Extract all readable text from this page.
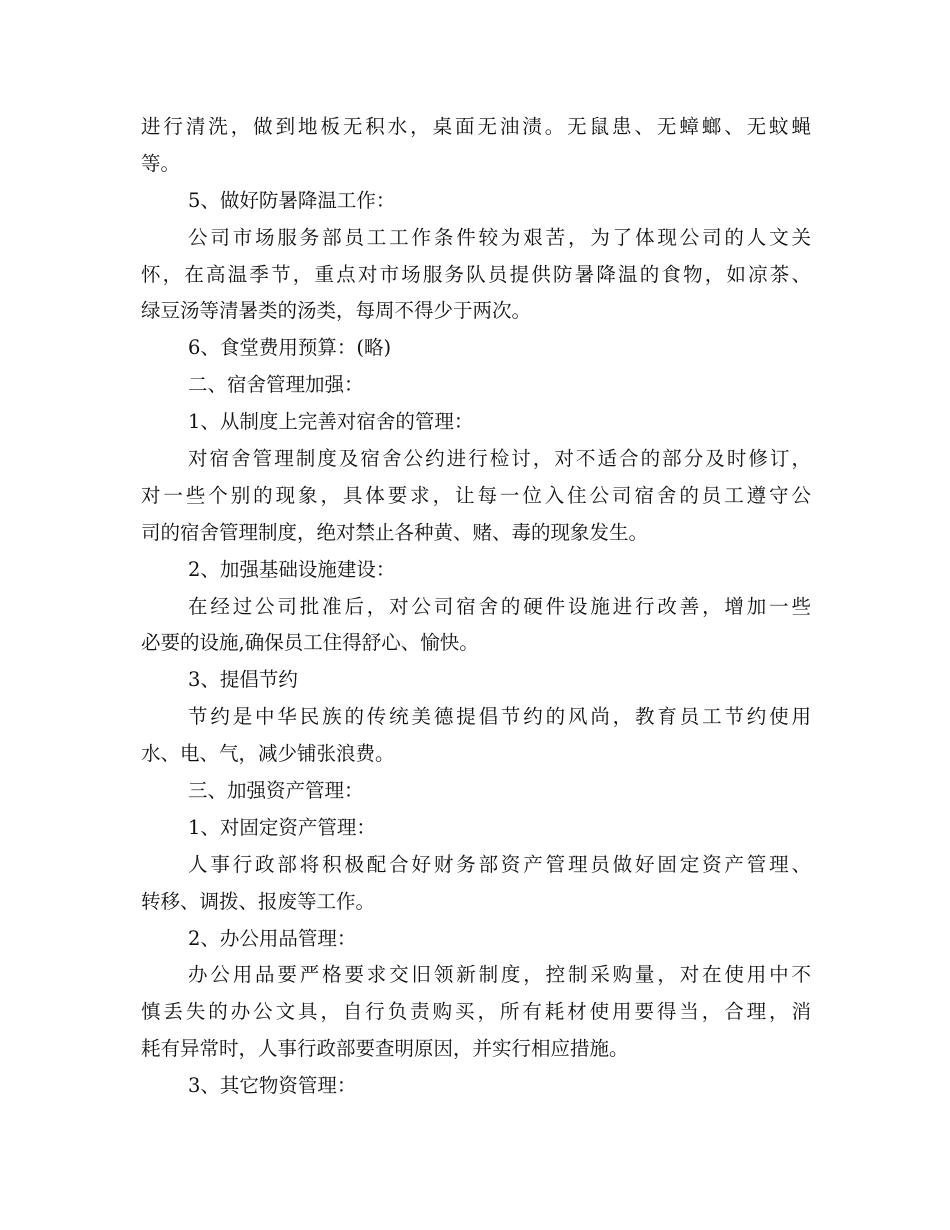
进行清洗，做到地板无积水，桌面无油渍。无鼠患、无蟑螂、无蚊蝇
等。
5、做好防暑降温工作：
公司市场服务部员工工作条件较为艰苦，为了体现公司的人文关
怀，在高温季节，重点对市场服务队员提供防暑降温的食物，如凉茶、
绿豆汤等清暑类的汤类，每周不得少于两次。
6、食堂费用预算：(略)
二、宿舍管理加强：
1、从制度上完善对宿舍的管理：
对宿舍管理制度及宿舍公约进行检讨，对不适合的部分及时修订，
对一些个别的现象，具体要求，让每一位入住公司宿舍的员工遵守公
司的宿舍管理制度，绝对禁止各种黄、赌、毒的现象发生。
2、加强基础设施建设：
在经过公司批准后，对公司宿舍的硬件设施进行改善，增加一些
必要的设施,确保员工住得舒心、愉快。
3、提倡节约
节约是中华民族的传统美德提倡节约的风尚，教育员工节约使用
水、电、气，减少铺张浪费。
三、加强资产管理：
1、对固定资产管理：
人事行政部将积极配合好财务部资产管理员做好固定资产管理、
转移、调拨、报废等工作。
2、办公用品管理：
办公用品要严格要求交旧领新制度，控制采购量，对在使用中不
慎丢失的办公文具，自行负责购买，所有耗材使用要得当，合理，消
耗有异常时，人事行政部要查明原因，并实行相应措施。
3、其它物资管理：
